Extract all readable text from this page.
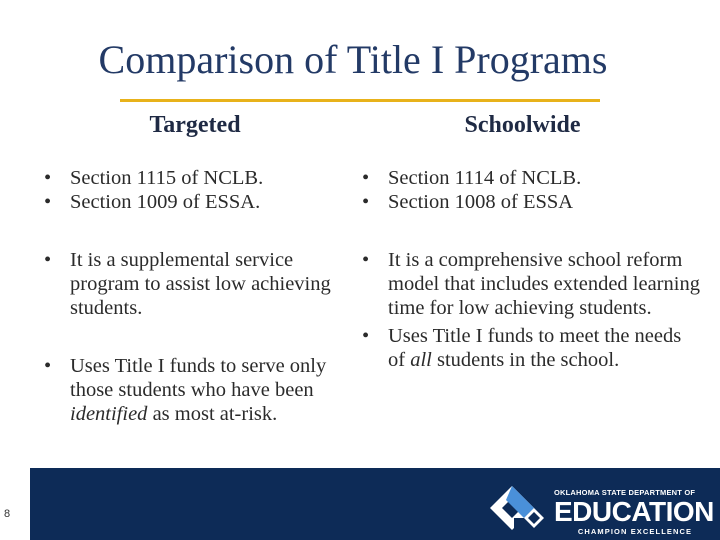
Comparison of Title I Programs
Targeted	Schoolwide
• Section 1115 of NCLB.
• Section 1009 of ESSA.
• Section 1114 of NCLB.
• Section 1008 of ESSA
• It is a supplemental service program to assist low achieving students.
• Uses Title I funds to serve only those students who have been identified as most at-risk.
• It is a comprehensive school reform model that includes extended learning time for low achieving students.
• Uses Title I funds to meet the needs of all students in the school.
8
OKLAHOMA STATE DEPARTMENT OF
EDUCATION
CHAMPION EXCELLENCE
